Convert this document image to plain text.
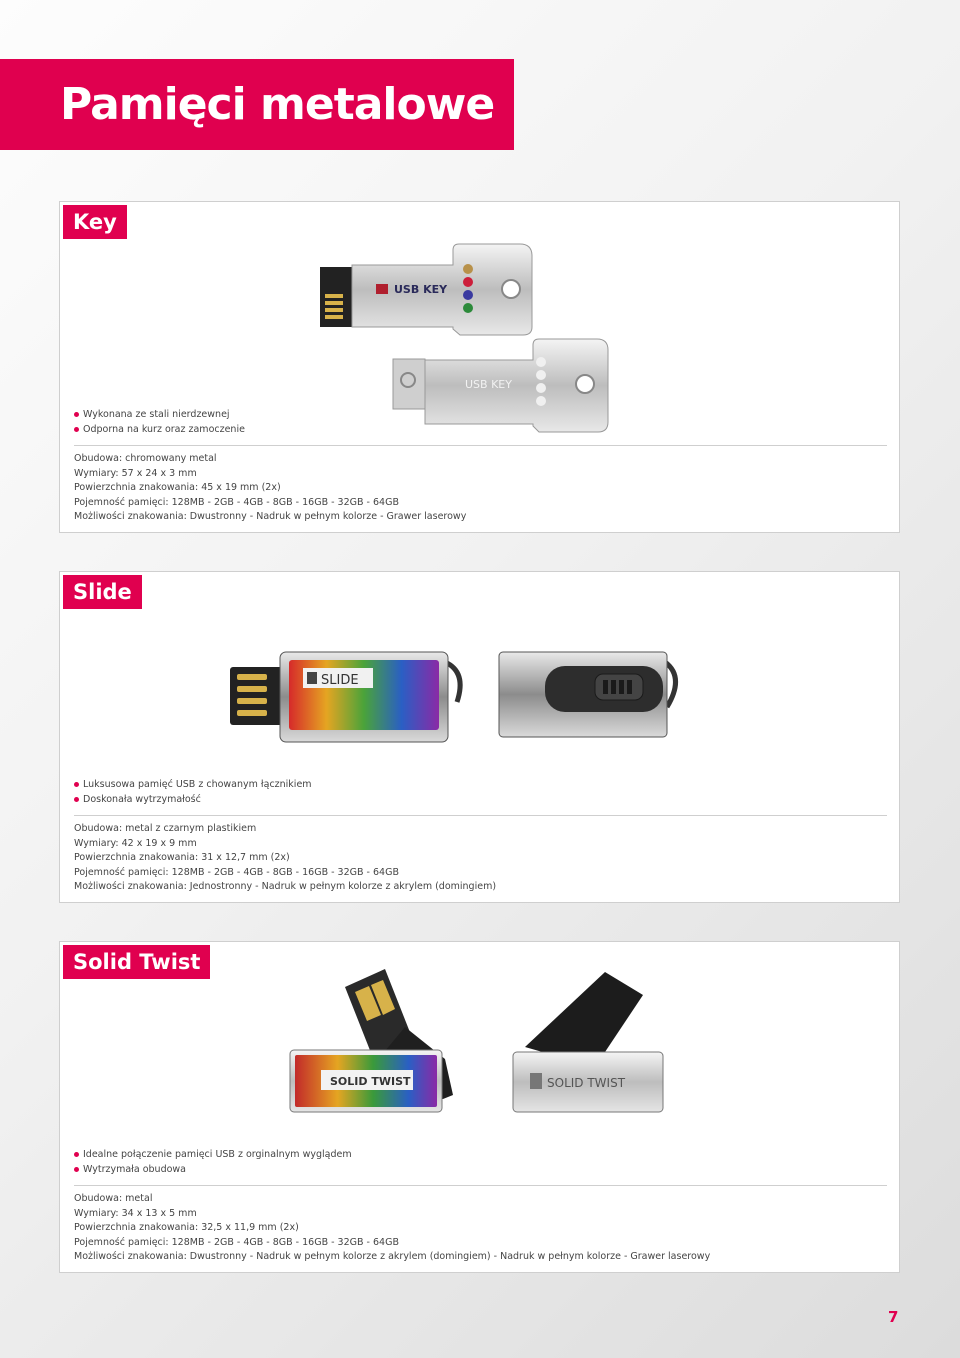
Pamięci metalowe
Key
USB KEY
USB KEY
Wykonana ze stali nierdzewnej
Odporna na kurz oraz zamoczenie
Obudowa: chromowany metal
Wymiary: 57 x 24 x 3 mm
Powierzchnia znakowania: 45 x 19 mm (2x)
Pojemność pamięci: 128MB - 2GB - 4GB - 8GB - 16GB - 32GB - 64GB
Możliwości znakowania: Dwustronny - Nadruk w pełnym kolorze - Grawer laserowy
Slide
SLIDE
Luksusowa pamięć USB z chowanym łącznikiem
Doskonała wytrzymałość
Obudowa: metal z czarnym plastikiem
Wymiary: 42 x 19 x 9 mm
Powierzchnia znakowania: 31 x 12,7 mm (2x)
Pojemność pamięci: 128MB - 2GB - 4GB - 8GB - 16GB - 32GB - 64GB
Możliwości znakowania: Jednostronny - Nadruk w pełnym kolorze z akrylem (domingiem)
Solid Twist
SOLID TWIST	SOLID TWIST
Idealne połączenie pamięci USB z orginalnym wyglądem
Wytrzymała obudowa
Obudowa: metal
Wymiary: 34 x 13 x 5 mm
Powierzchnia znakowania: 32,5 x 11,9 mm (2x)
Pojemność pamięci: 128MB - 2GB - 4GB - 8GB - 16GB - 32GB - 64GB
Możliwości znakowania: Dwustronny - Nadruk w pełnym kolorze z akrylem (domingiem) - Nadruk w pełnym kolorze - Grawer laserowy
7
